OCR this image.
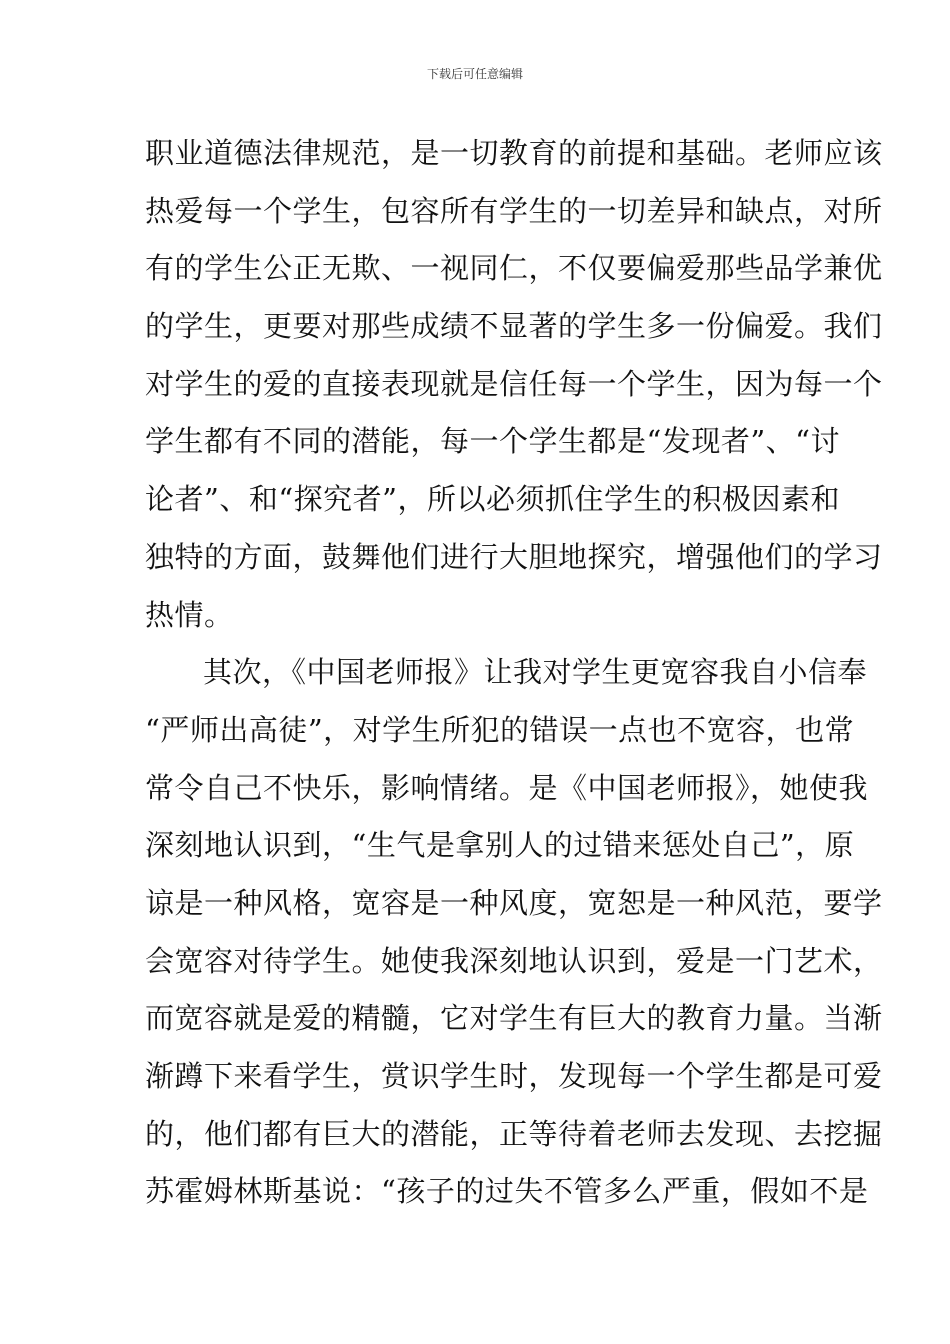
下载后可任意编辑
职业道德法律规范，是一切教育的前提和基础。老师应该
热爱每一个学生，包容所有学生的一切差异和缺点，对所
有的学生公正无欺、一视同仁，不仅要偏爱那些品学兼优
的学生，更要对那些成绩不显著的学生多一份偏爱。我们
对学生的爱的直接表现就是信任每一个学生，因为每一个
学生都有不同的潜能，每一个学生都是“发现者”、“讨
论者”、和“探究者”，所以必须抓住学生的积极因素和
独特的方面，鼓舞他们进行大胆地探究，增强他们的学习
热情。
其次，《中国老师报》让我对学生更宽容我自小信奉
“严师出高徒”，对学生所犯的错误一点也不宽容，也常
常令自己不快乐，影响情绪。是《中国老师报》，她使我
深刻地认识到，“生气是拿别人的过错来惩处自己”，原
谅是一种风格，宽容是一种风度，宽恕是一种风范，要学
会宽容对待学生。她使我深刻地认识到，爱是一门艺术，
而宽容就是爱的精髓，它对学生有巨大的教育力量。当渐
渐蹲下来看学生，赏识学生时，发现每一个学生都是可爱
的，他们都有巨大的潜能，正等待着老师去发现、去挖掘
苏霍姆林斯基说：“孩子的过失不管多么严重，假如不是
